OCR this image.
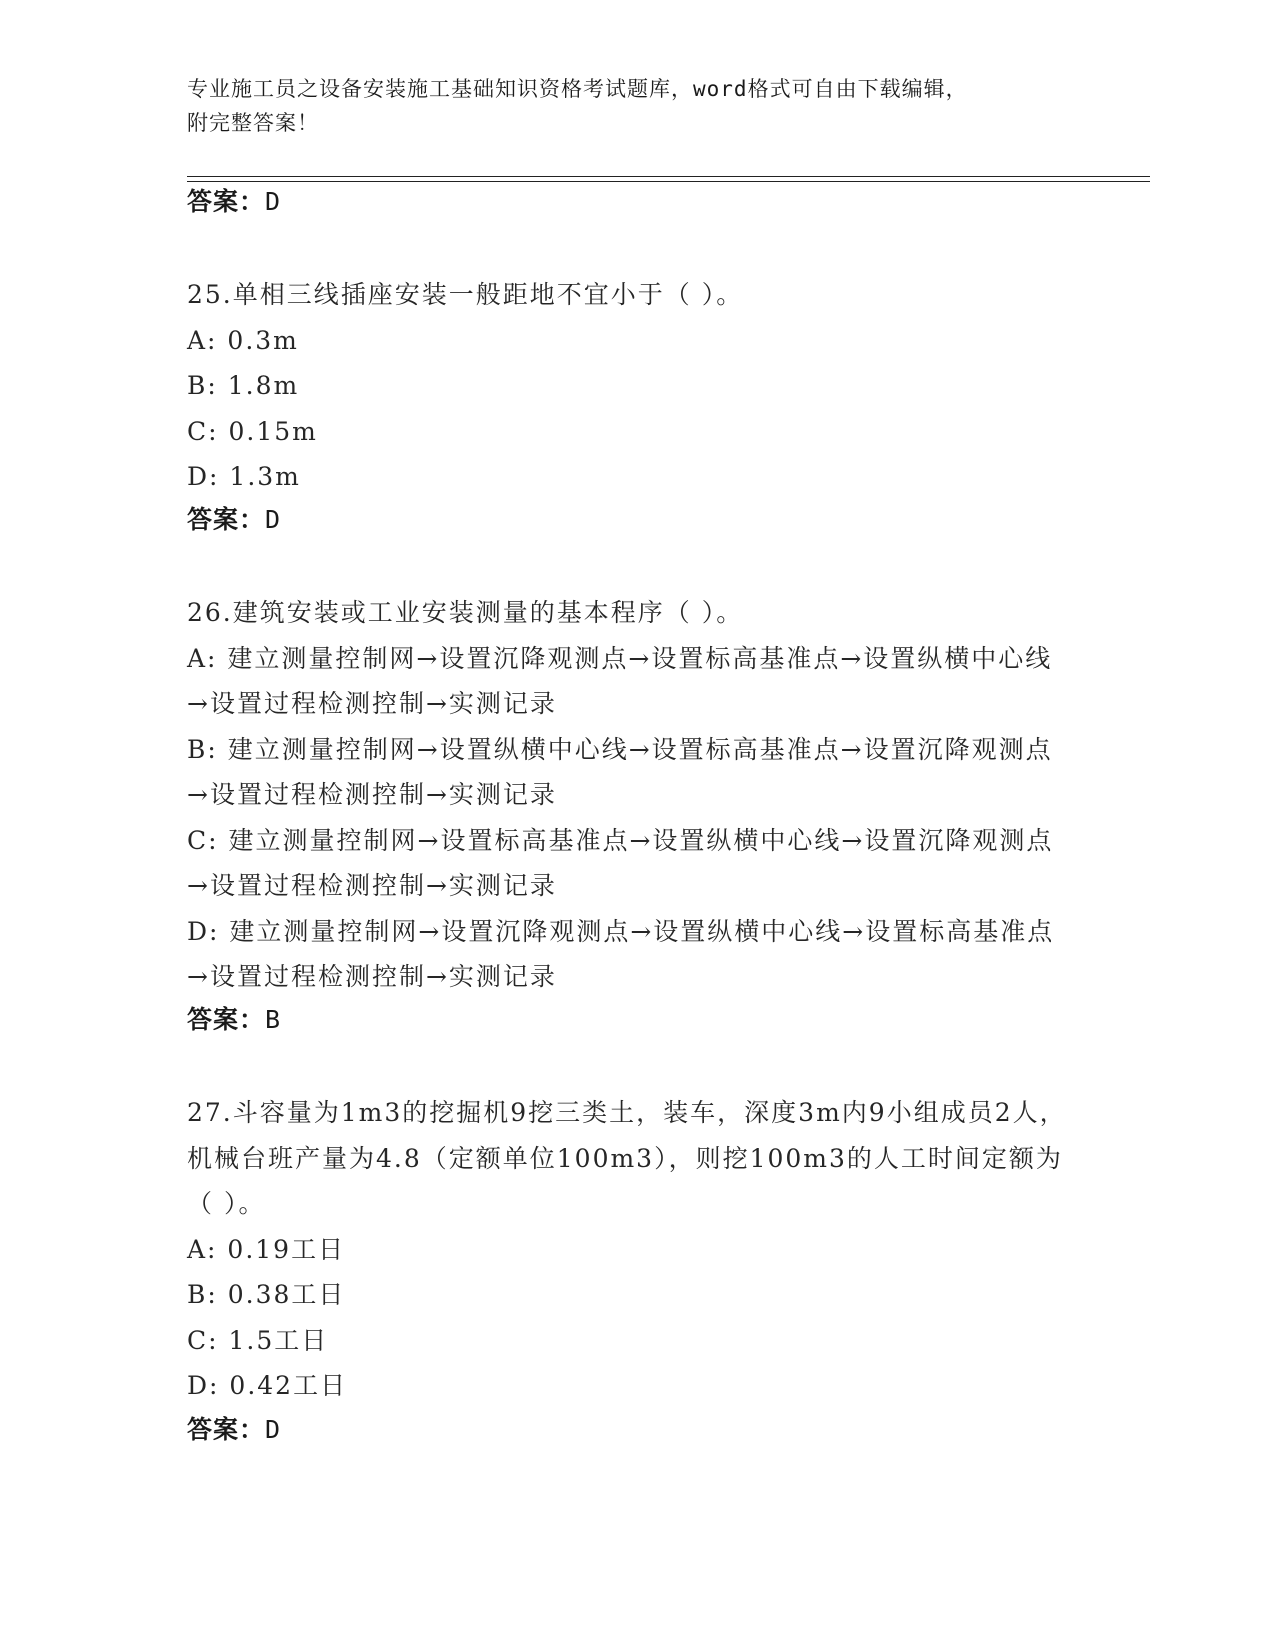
专业施工员之设备安装施工基础知识资格考试题库，word格式可自由下载编辑，
附完整答案！
答案：D
25.单相三线插座安装一般距地不宜小于（ ）。
A: 0.3m
B: 1.8m
C: 0.15m
D: 1.3m
答案：D
26.建筑安装或工业安装测量的基本程序（ ）。
A: 建立测量控制网→设置沉降观测点→设置标高基准点→设置纵横中心线→设置过程检测控制→实测记录
B: 建立测量控制网→设置纵横中心线→设置标高基准点→设置沉降观测点→设置过程检测控制→实测记录
C: 建立测量控制网→设置标高基准点→设置纵横中心线→设置沉降观测点→设置过程检测控制→实测记录
D: 建立测量控制网→设置沉降观测点→设置纵横中心线→设置标高基准点→设置过程检测控制→实测记录
答案：B
27.斗容量为1m3的挖掘机9挖三类土，装车，深度3m内9小组成员2人，机械台班产量为4.8（定额单位100m3），则挖100m3的人工时间定额为（ ）。
A: 0.19工日
B: 0.38工日
C: 1.5工日
D: 0.42工日
答案：D
